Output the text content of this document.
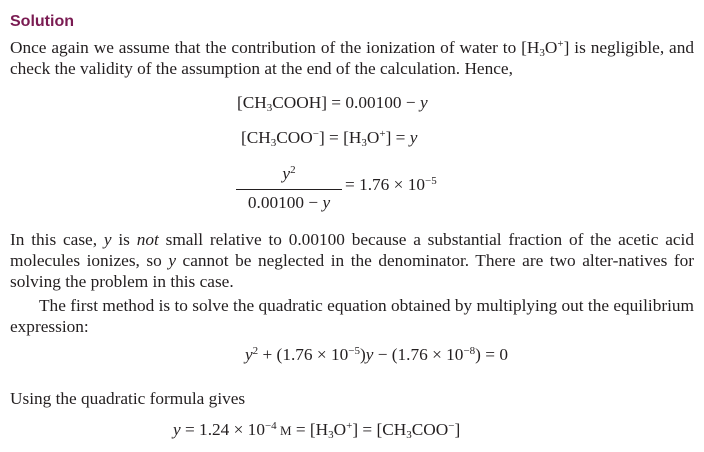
Solution
Once again we assume that the contribution of the ionization of water to $[H_3O^+]$ is negligible, and check the validity of the assumption at the end of the calculation. Hence,
$[CH_3COOH] = 0.00100 - y$
$[CH_3COO^-] = [H_3O^+] = y$
$y^2$
0.00100 − y
= $1.76 \times 10^{-5}$
In this case, y is not small relative to 0.00100 because a substantial fraction of the acetic acid molecules ionizes, so y cannot be neglected in the denominator. There are two alter-natives for solving the problem in this case.
The first method is to solve the quadratic equation obtained by multiplying out the equilibrium expression:
$y^2 + (1.76 \times 10^{-5})y - (1.76 \times 10^{-8}) = 0$
Using the quadratic formula gives
$y = 1.24 \times 10^{-4}$ $M = [H_3O^+] = [CH_3COO^-]$
